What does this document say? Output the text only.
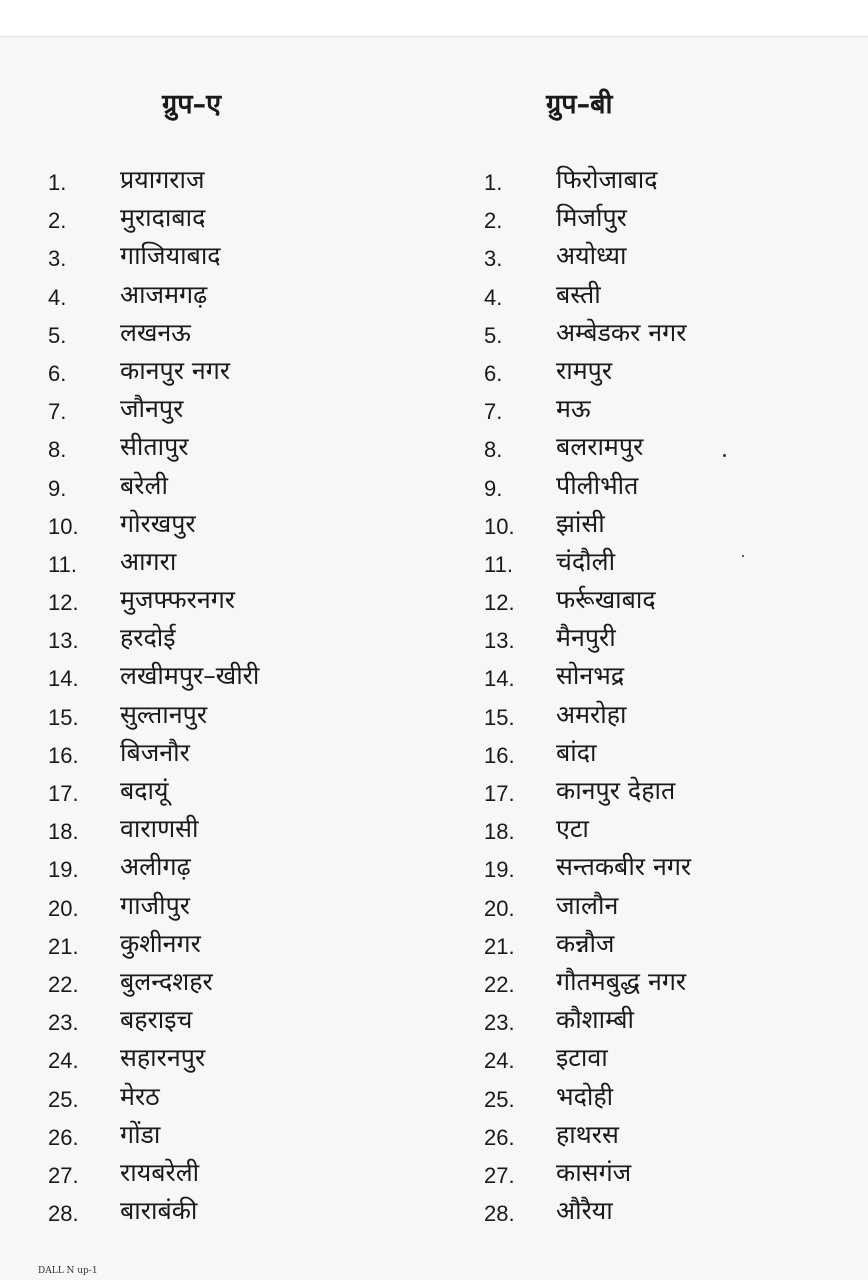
ग्रुप–ए	ग्रुप–बी
1. प्रयागराज
2. मुरादाबाद
3. गाजियाबाद
4. आजमगढ़
5. लखनऊ
6. कानपुर नगर
7. जौनपुर
8. सीतापुर
9. बरेली
10. गोरखपुर
11. आगरा
12. मुजफ्फरनगर
13. हरदोई
14. लखीमपुर–खीरी
15. सुल्तानपुर
16. बिजनौर
17. बदायूं
18. वाराणसी
19. अलीगढ़
20. गाजीपुर
21. कुशीनगर
22. बुलन्दशहर
23. बहराइच
24. सहारनपुर
25. मेरठ
26. गोंडा
27. रायबरेली
28. बाराबंकी
1. फिरोजाबाद
2. मिर्जापुर
3. अयोध्या
4. बस्ती
5. अम्बेडकर नगर
6. रामपुर
7. मऊ
8. बलरामपुर
9. पीलीभीत
10. झांसी
11. चंदौली
12. फर्रूखाबाद
13. मैनपुरी
14. सोनभद्र
15. अमरोहा
16. बांदा
17. कानपुर देहात
18. एटा
19. सन्तकबीर नगर
20. जालौन
21. कन्नौज
22. गौतमबुद्ध नगर
23. कौशाम्बी
24. इटावा
25. भदोही
26. हाथरस
27. कासगंज
28. औरैया
DALL N up-1
